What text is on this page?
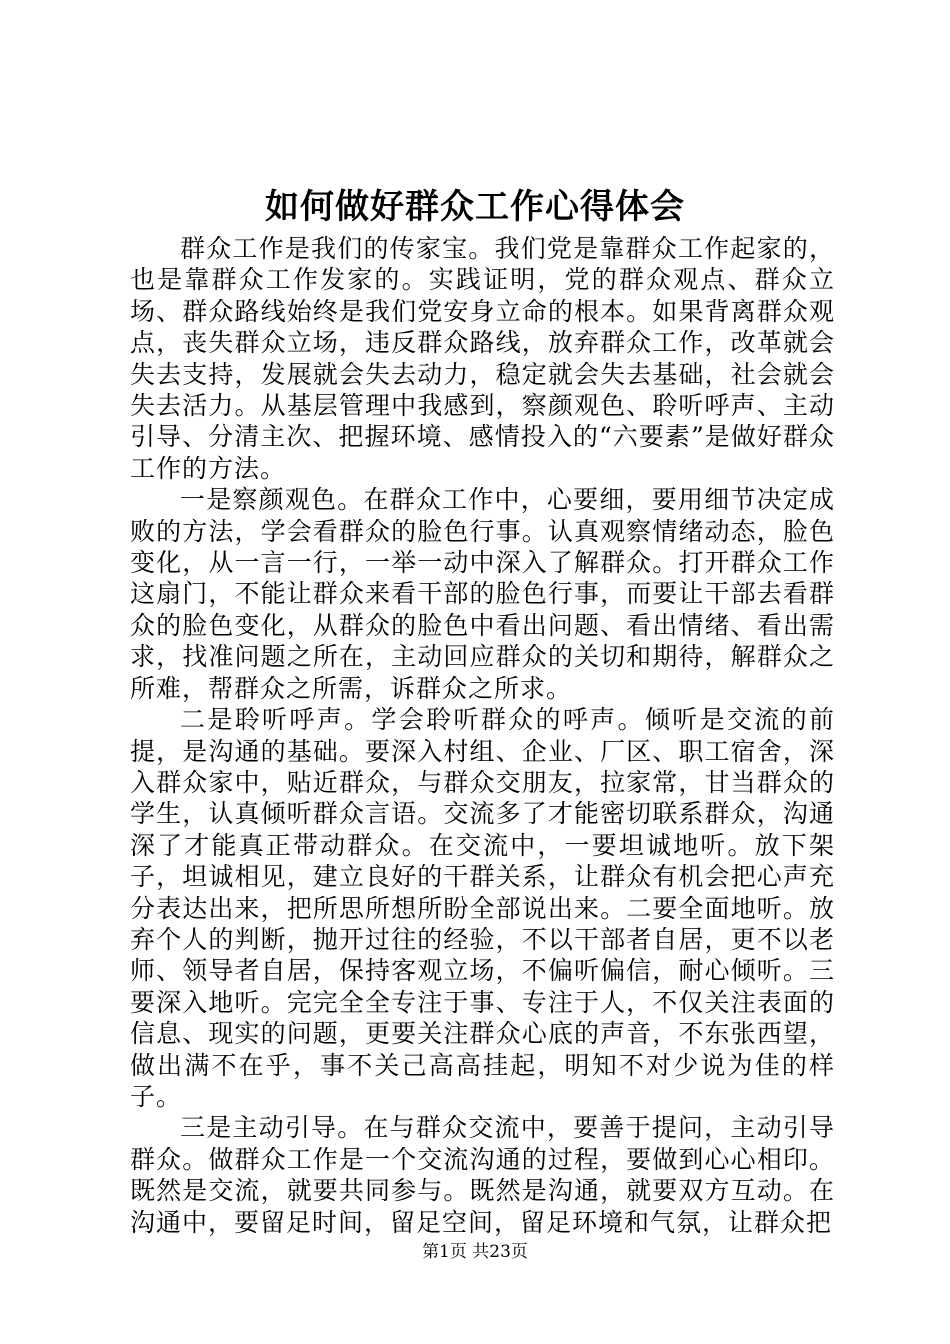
如何做好群众工作心得体会

群众工作是我们的传家宝。我们党是靠群众工作起家的，也是靠群众工作发家的。实践证明，党的群众观点、群众立场、群众路线始终是我们党安身立命的根本。如果背离群众观点，丧失群众立场，违反群众路线，放弃群众工作，改革就会失去支持，发展就会失去动力，稳定就会失去基础，社会就会失去活力。从基层管理中我感到，察颜观色、聆听呼声、主动引导、分清主次、把握环境、感情投入的“六要素”是做好群众工作的方法。

一是察颜观色。在群众工作中，心要细，要用细节决定成败的方法，学会看群众的脸色行事。认真观察情绪动态，脸色变化，从一言一行，一举一动中深入了解群众。打开群众工作这扇门，不能让群众来看干部的脸色行事，而要让干部去看群众的脸色变化，从群众的脸色中看出问题、看出情绪、看出需求，找准问题之所在，主动回应群众的关切和期待，解群众之所难，帮群众之所需，诉群众之所求。

二是聆听呼声。学会聆听群众的呼声。倾听是交流的前提，是沟通的基础。要深入村组、企业、厂区、职工宿舍，深入群众家中，贴近群众，与群众交朋友，拉家常，甘当群众的学生，认真倾听群众言语。交流多了才能密切联系群众，沟通深了才能真正带动群众。在交流中，一要坦诚地听。放下架子，坦诚相见，建立良好的干群关系，让群众有机会把心声充分表达出来，把所思所想所盼全部说出来。二要全面地听。放弃个人的判断，抛开过往的经验，不以干部者自居，更不以老师、领导者自居，保持客观立场，不偏听偏信，耐心倾听。三要深入地听。完完全全专注于事、专注于人，不仅关注表面的信息、现实的问题，更要关注群众心底的声音，不东张西望，做出满不在乎，事不关己高高挂起，明知不对少说为佳的样子。

三是主动引导。在与群众交流中，要善于提问，主动引导群众。做群众工作是一个交流沟通的过程，要做到心心相印。既然是交流，就要共同参与。既然是沟通，就要双方互动。在沟通中，要留足时间，留足空间，留足环境和气氛，让群众把

第1页 共23页
